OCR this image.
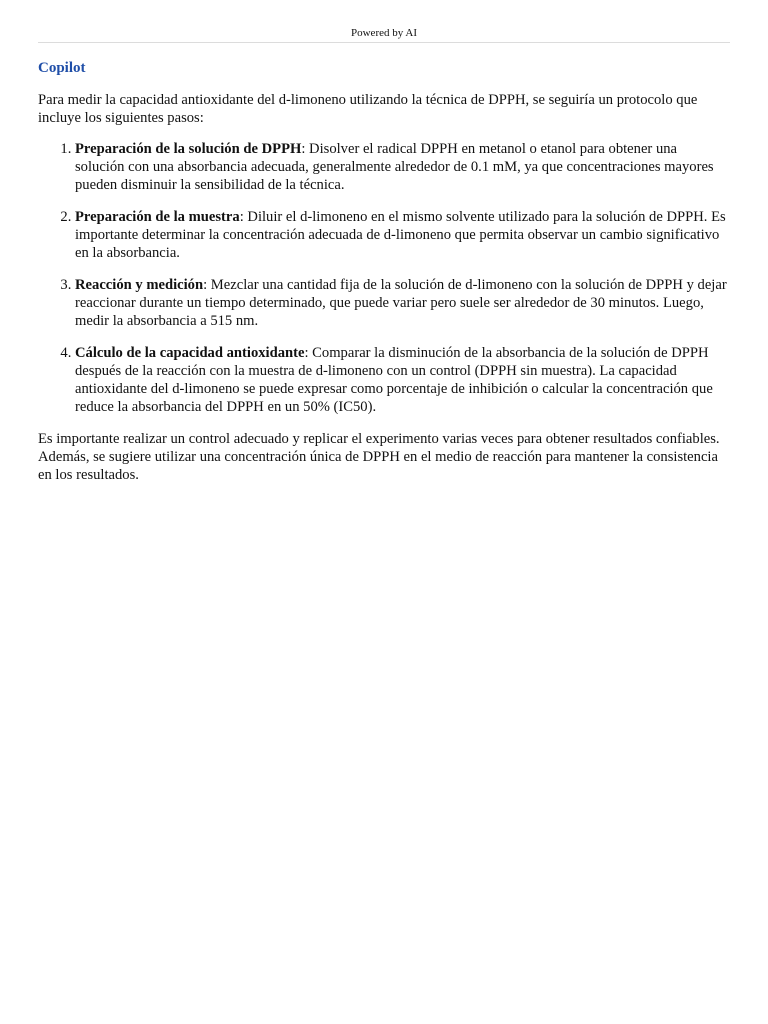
Powered by AI
Copilot

Para medir la capacidad antioxidante del d-limoneno utilizando la técnica de DPPH, se seguiría un protocolo que incluye los siguientes pasos:

1. Preparación de la solución de DPPH: Disolver el radical DPPH en metanol o etanol para obtener una solución con una absorbancia adecuada, generalmente alrededor de 0.1 mM, ya que concentraciones mayores pueden disminuir la sensibilidad de la técnica.
2. Preparación de la muestra: Diluir el d-limoneno en el mismo solvente utilizado para la solución de DPPH. Es importante determinar la concentración adecuada de d-limoneno que permita observar un cambio significativo en la absorbancia.
3. Reacción y medición: Mezclar una cantidad fija de la solución de d-limoneno con la solución de DPPH y dejar reaccionar durante un tiempo determinado, que puede variar pero suele ser alrededor de 30 minutos. Luego, medir la absorbancia a 515 nm.
4. Cálculo de la capacidad antioxidante: Comparar la disminución de la absorbancia de la solución de DPPH después de la reacción con la muestra de d-limoneno con un control (DPPH sin muestra). La capacidad antioxidante del d-limoneno se puede expresar como porcentaje de inhibición o calcular la concentración que reduce la absorbancia del DPPH en un 50% (IC50).

Es importante realizar un control adecuado y replicar el experimento varias veces para obtener resultados confiables. Además, se sugiere utilizar una concentración única de DPPH en el medio de reacción para mantener la consistencia en los resultados.
